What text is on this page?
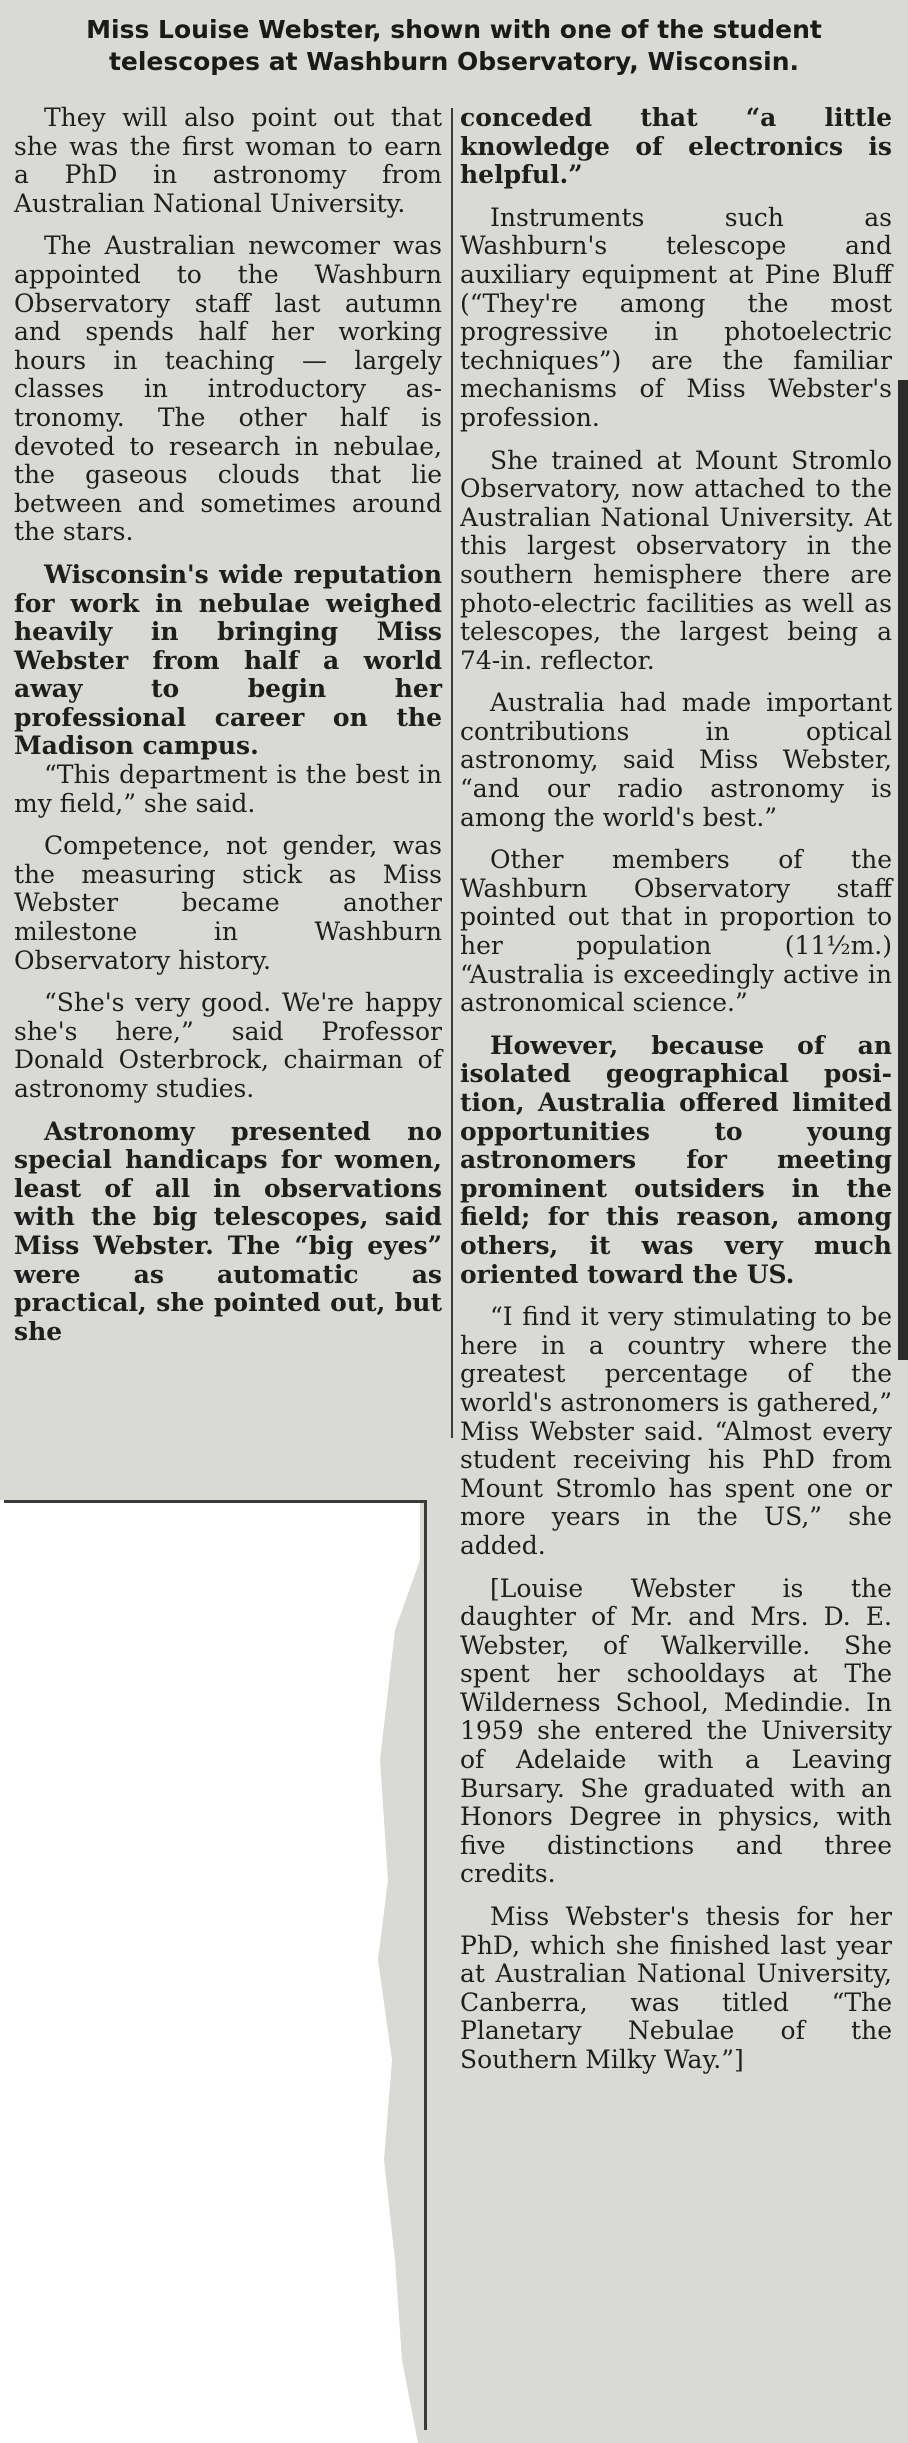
Miss Louise Webster, shown with one of the student telescopes at Washburn Observatory, Wisconsin.

They will also point out that she was the first woman to earn a PhD in astronomy from Australian National University.

The Australian newcomer was appointed to the Washburn Observatory staff last autumn and spends half her working hours in teaching — largely classes in introductory astronomy. The other half is devoted to research in nebulae, the gaseous clouds that lie between and sometimes around the stars.

Wisconsin's wide reputation for work in nebulae weighed heavily in bringing Miss Webster from half a world away to begin her professional career on the Madison campus.

“This department is the best in my field,” she said.

Competence, not gender, was the measuring stick as Miss Webster became another milestone in Washburn Observatory history.

“She's very good. We're happy she's here,” said Professor Donald Osterbrock, chairman of astronomy studies.

Astronomy presented no special handicaps for women, least of all in observations with the big telescopes, said Miss Webster. The “big eyes” were as automatic as practical, she pointed out, but she

conceded that “a little knowledge of electronics is helpful.”

Instruments such as Washburn's telescope and auxiliary equipment at Pine Bluff (“They're among the most progressive in photoelectric techniques”) are the familiar mechanisms of Miss Webster's profession.

She trained at Mount Stromlo Observatory, now attached to the Australian National University. At this largest observatory in the southern hemisphere there are photo-electric facilities as well as telescopes, the largest being a 74-in. reflector.

Australia had made important contributions in optical astronomy, said Miss Webster, “and our radio astronomy is among the world's best.”

Other members of the Washburn Observatory staff pointed out that in proportion to her population (11½m.) “Australia is exceedingly active in astronomical science.”

However, because of an isolated geographical position, Australia offered limited opportunities to young astronomers for meeting prominent outsiders in the field; for this reason, among others, it was very much oriented toward the US.

“I find it very stimulating to be here in a country where the greatest percentage of the world's astronomers is gathered,” Miss Webster said. “Almost every student receiving his PhD from Mount Stromlo has spent one or more years in the US,” she added.

[Louise Webster is the daughter of Mr. and Mrs. D. E. Webster, of Walkerville. She spent her schooldays at The Wilderness School, Medindie. In 1959 she entered the University of Adelaide with a Leaving Bursary. She graduated with an Honors Degree in physics, with five distinctions and three credits.

Miss Webster's thesis for her PhD, which she finished last year at Australian National University, Canberra, was titled “The Planetary Nebulae of the Southern Milky Way.”]
